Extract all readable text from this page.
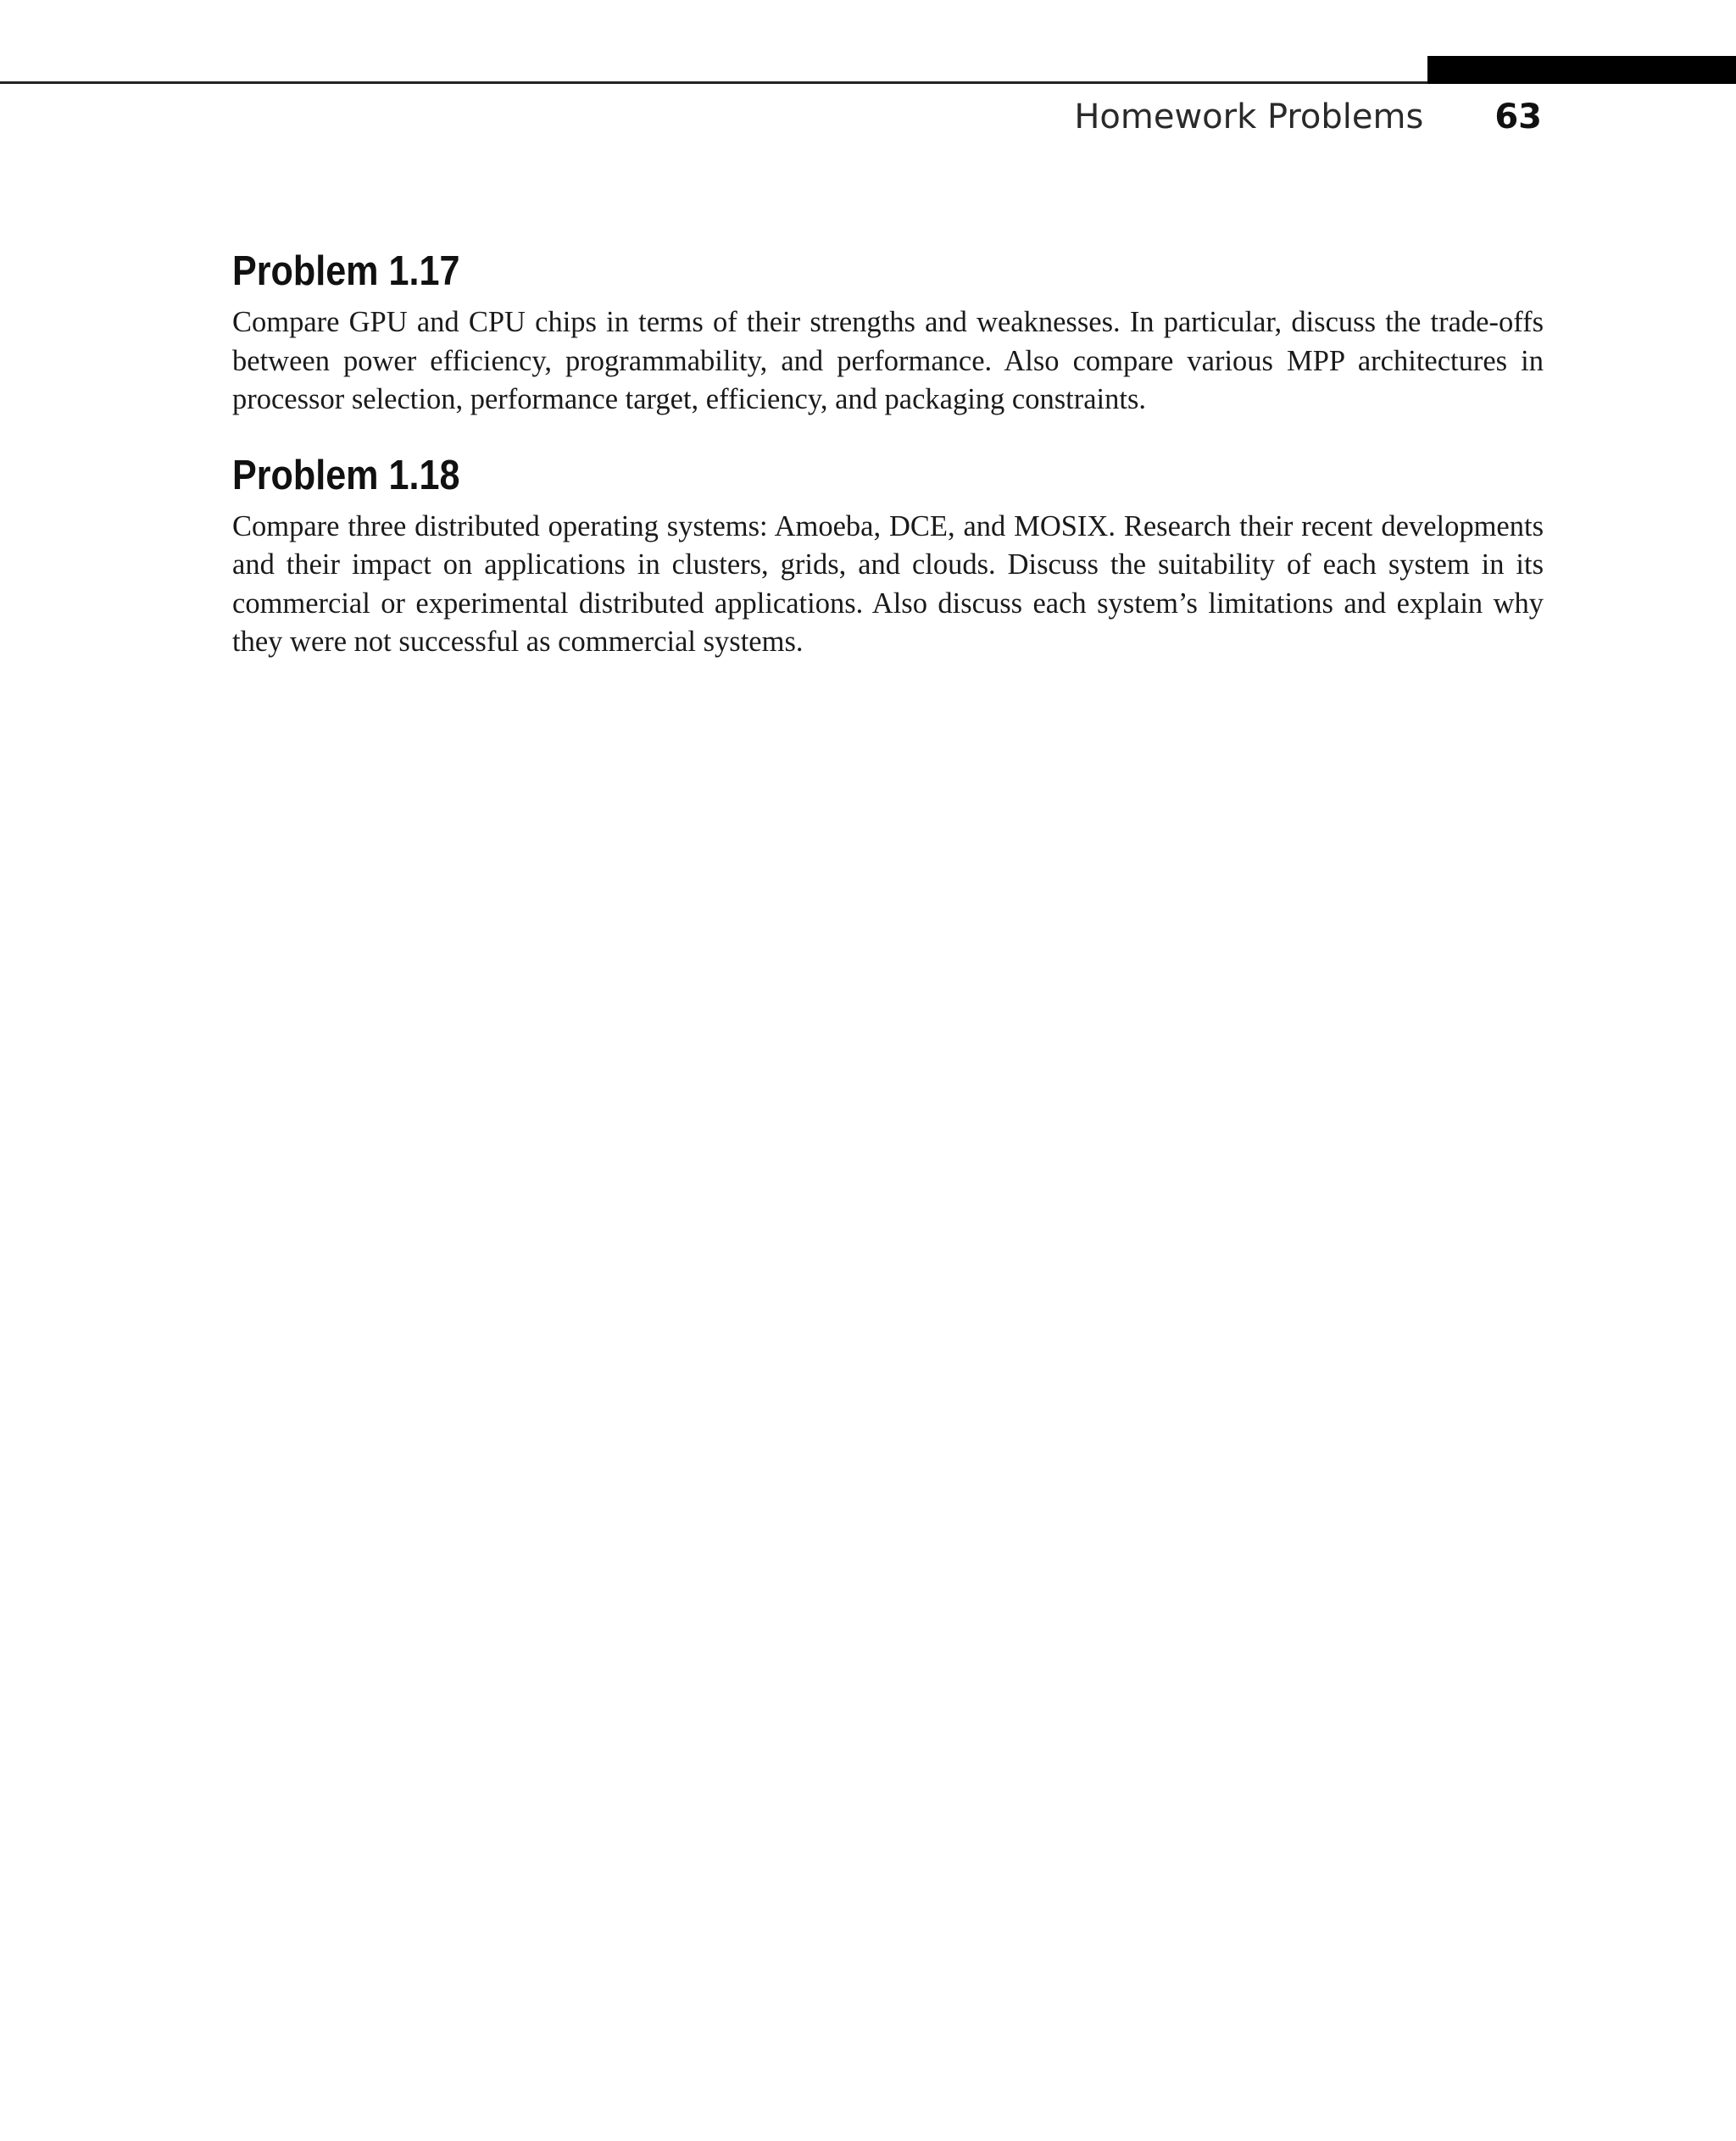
Homework Problems 63
Problem 1.17

Compare GPU and CPU chips in terms of their strengths and weaknesses. In particular, discuss the trade-offs between power efficiency, programmability, and performance. Also compare various MPP architectures in processor selection, performance target, efficiency, and packaging constraints.

Problem 1.18

Compare three distributed operating systems: Amoeba, DCE, and MOSIX. Research their recent developments and their impact on applications in clusters, grids, and clouds. Discuss the suitability of each system in its commercial or experimental distributed applications. Also discuss each system’s limitations and explain why they were not successful as commercial systems.
